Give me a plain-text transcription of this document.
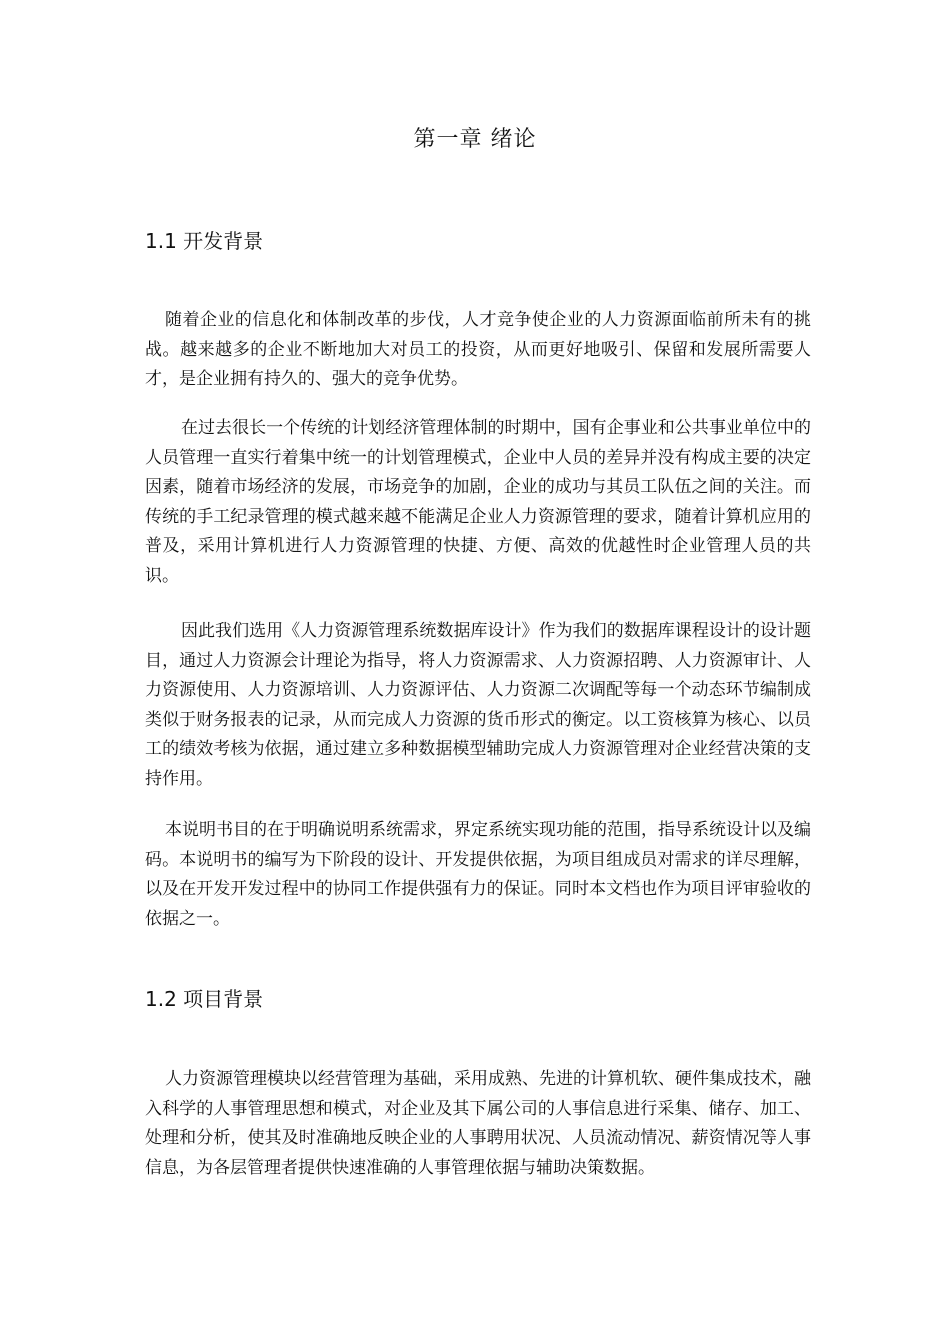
第一章 绪论
1.1 开发背景

随着企业的信息化和体制改革的步伐，人才竞争使企业的人力资源面临前所未有的挑战。越来越多的企业不断地加大对员工的投资，从而更好地吸引、保留和发展所需要人才，是企业拥有持久的、强大的竞争优势。

在过去很长一个传统的计划经济管理体制的时期中，国有企事业和公共事业单位中的人员管理一直实行着集中统一的计划管理模式，企业中人员的差异并没有构成主要的决定因素，随着市场经济的发展，市场竞争的加剧，企业的成功与其员工队伍之间的关注。而传统的手工纪录管理的模式越来越不能满足企业人力资源管理的要求，随着计算机应用的普及，采用计算机进行人力资源管理的快捷、方便、高效的优越性时企业管理人员的共识。

因此我们选用《人力资源管理系统数据库设计》作为我们的数据库课程设计的设计题目，通过人力资源会计理论为指导，将人力资源需求、人力资源招聘、人力资源审计、人力资源使用、人力资源培训、人力资源评估、人力资源二次调配等每一个动态环节编制成类似于财务报表的记录，从而完成人力资源的货币形式的衡定。以工资核算为核心、以员工的绩效考核为依据，通过建立多种数据模型辅助完成人力资源管理对企业经营决策的支持作用。

本说明书目的在于明确说明系统需求，界定系统实现功能的范围，指导系统设计以及编码。本说明书的编写为下阶段的设计、开发提供依据，为项目组成员对需求的详尽理解，以及在开发开发过程中的协同工作提供强有力的保证。同时本文档也作为项目评审验收的依据之一。

1.2 项目背景

人力资源管理模块以经营管理为基础，采用成熟、先进的计算机软、硬件集成技术，融入科学的人事管理思想和模式，对企业及其下属公司的人事信息进行采集、储存、加工、处理和分析，使其及时准确地反映企业的人事聘用状况、人员流动情况、薪资情况等人事信息，为各层管理者提供快速准确的人事管理依据与辅助决策数据。
